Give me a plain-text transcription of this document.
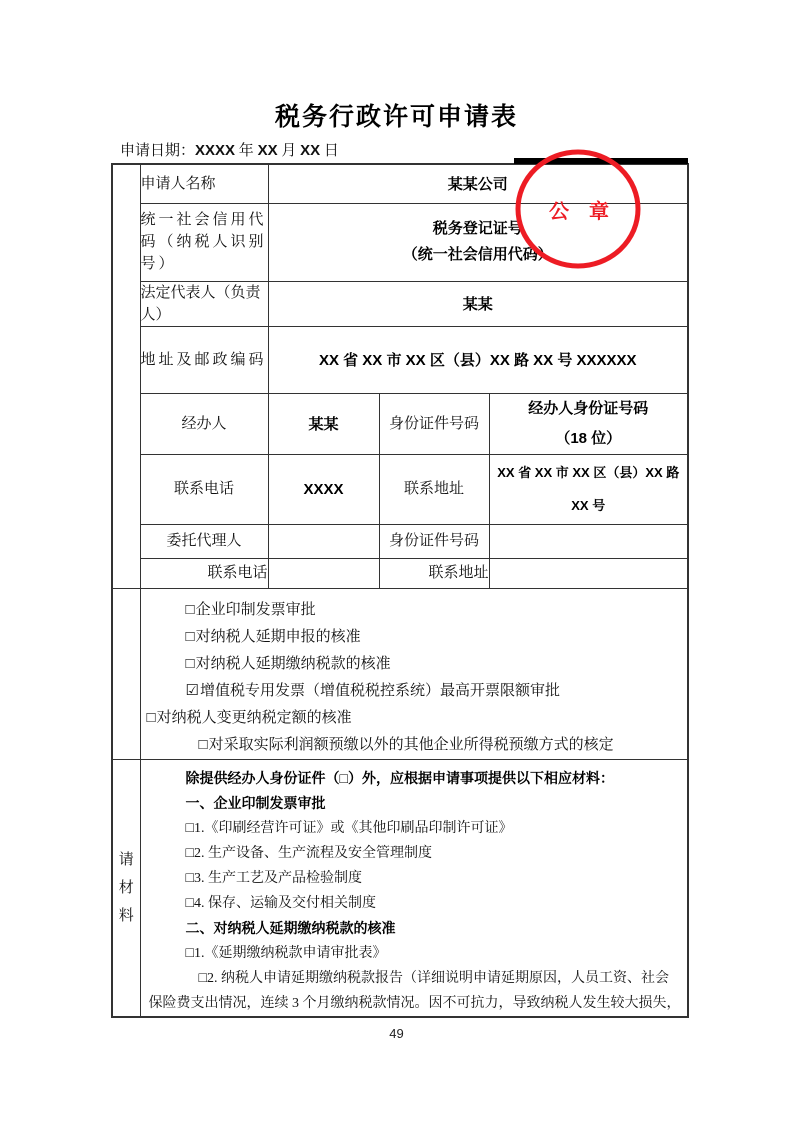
税务行政许可申请表
申请日期：XXXX 年 XX 月 XX 日
	申请人名称	某某公司		
	统一社会信用代码（纳税人识别号）	税务登记证号
（统一社会信用代码）		

	法定代表人（负责人）	某某		
	地址及邮政编码	XX 省 XX 市 XX 区（县）XX 路 XX 号 XXXXXX		
	经办人	某某	身份证件号码	经办人身份证号码
（18 位）

	联系电话	XXXX	联系地址	XX 省 XX 市 XX 区（县）XX 路
XX 号

	委托代理人		身份证件号码	
	联系电话		联系地址	

□企业印制发票审批
□对纳税人延期申报的核准
□对纳税人延期缴纳税款的核准
☑增值税专用发票（增值税税控系统）最高开票限额审批
□对纳税人变更纳税定额的核准
□对采取实际利润额预缴以外的其他企业所得税预缴方式的核定

请材料

除提供经办人身份证件（□）外，应根据申请事项提供以下相应材料：
一、企业印制发票审批
□1.《印刷经营许可证》或《其他印刷品印制许可证》
□2. 生产设备、生产流程及安全管理制度
□3. 生产工艺及产品检验制度
□4. 保存、运输及交付相关制度
二、对纳税人延期缴纳税款的核准
□1.《延期缴纳税款申请审批表》
□2. 纳税人申请延期缴纳税款报告（详细说明申请延期原因，人员工资、社会
保险费支出情况，连续 3 个月缴纳税款情况。因不可抗力，导致纳税人发生较大损失，
公　章
49
